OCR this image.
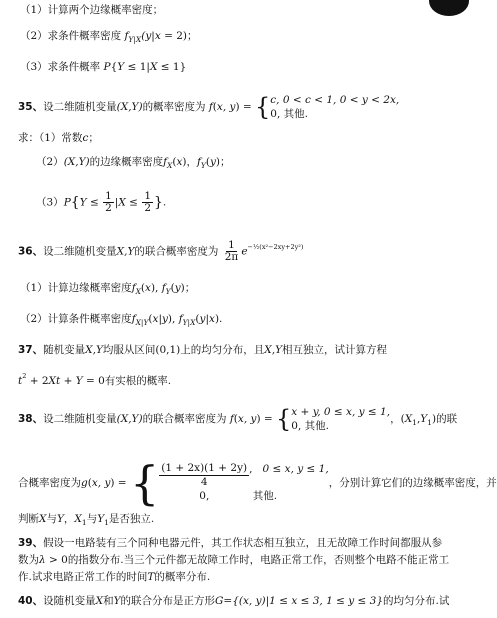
（1）计算两个边缘概率密度；
（2）求条件概率密度 $f_{Y|X}(y|x = 2)$；
（3）求条件概率 P{Y ≤ 1|X ≤ 1}
35、设二维随机变量(X,Y)的概率密度为 f(x, y) = { c, 0 < c < 1, 0 < y < 2x,
0, 其他.
求：（1）常数c；
（2）(X,Y)的边缘概率密度$f_X(x)$，$f_Y(y)$；
$(3)P\{Y \le \frac{1}{2} |X \le \frac{1}{2}$ }.
36、设二维随机变量X,Y的联合概率密度为 $\frac{1}{2\pi} e^{-\frac{1}{2}(x^2-2xy+2y^2)}$
（1）计算边缘概率密度$f_X(x)$, $f_Y(y)$；
（2）计算条件概率密度$f_{X|Y}(x|y)$, $f_{Y|X}(y|x)$.
37、随机变量X,Y均服从区间(0,1)上的均匀分布，且X,Y相互独立，试计算方程
$t^2 + 2Xt + Y = 0$有实根的概率.
38、设二维随机变量(X,Y)的联合概率密度为 f(x, y) = { x + y, 0 ≤ x, y ≤ 1,
0, 其他.
，$(X_1,Y_1)$的联
合概率密度为g(x, y) = { $\frac{(1 + 2x)(1 + 2y)}{4}$ , 0 ≤ x, y ≤ 1,

0,
	其他.
，分别计算它们的边缘概率密度，并
判断X与Y，$X_1$与$Y_1$是否独立.
39、假设一电路装有三个同种电器元件，其工作状态相互独立，且无故障工作时间都服从参
数为λ > 0的指数分布.当三个元件都无故障工作时，电路正常工作，否则整个电路不能正常工
作.试求电路正常工作的时间T的概率分布.
40、设随机变量X和Y的联合分布是正方形G={(x, y)|1 ≤ x ≤ 3, 1 ≤ y ≤ 3}的均匀分布.试
